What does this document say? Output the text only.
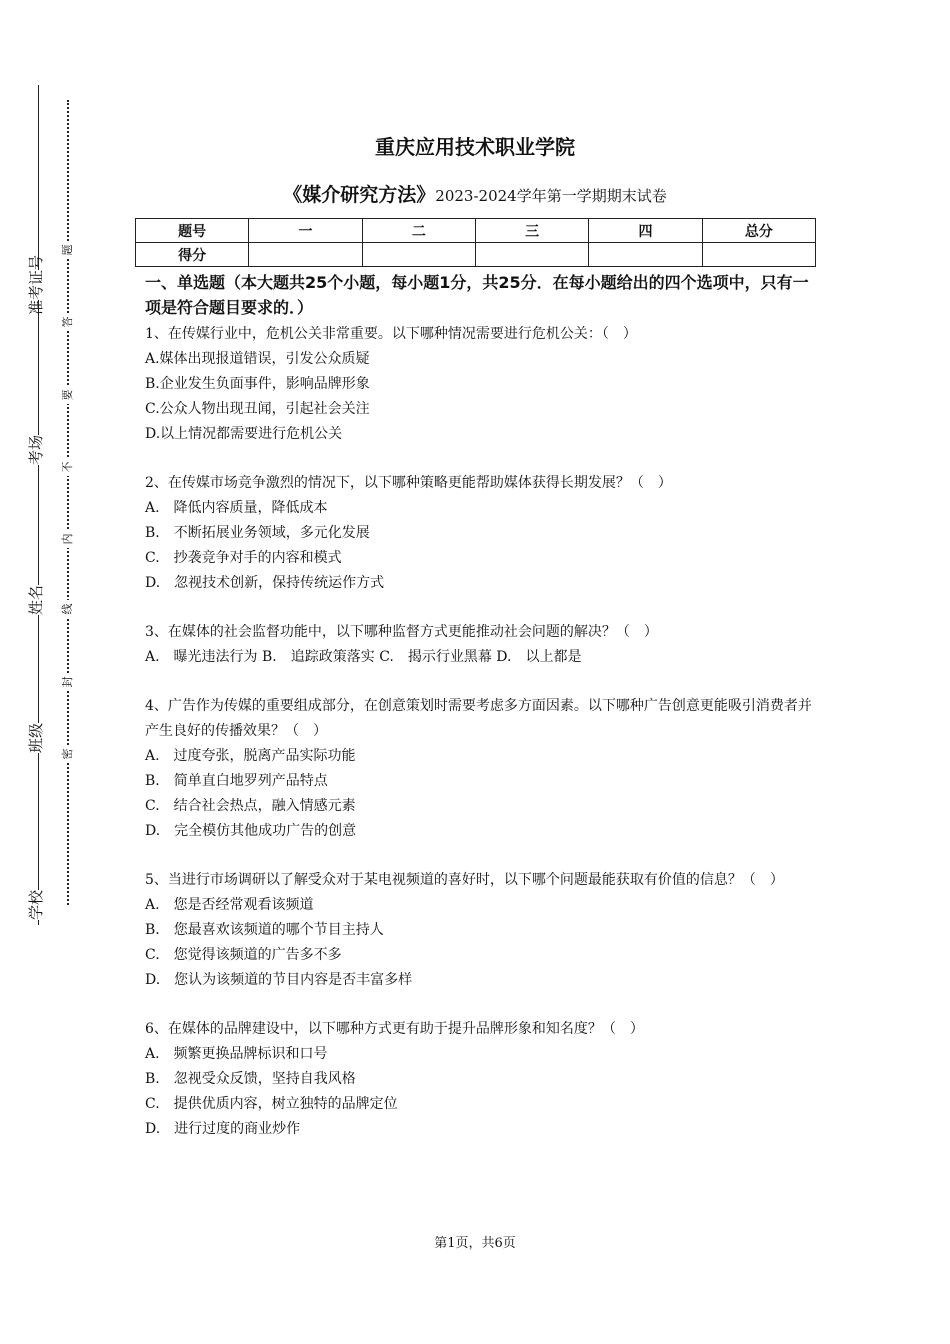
准考证号
考场
姓名
班级
学校
题
答
要
不
内
线
封
密
重庆应用技术职业学院
《媒介研究方法》2023-2024学年第一学期期末试卷
题号	一	二	三	四	总分
得分					

一、单选题（本大题共25个小题，每小题1分，共25分．在每小题给出的四个选项中，只有一项是符合题目要求的．）

1、在传媒行业中，危机公关非常重要。以下哪种情况需要进行危机公关：（　）

A.媒体出现报道错误，引发公众质疑

B.企业发生负面事件，影响品牌形象

C.公众人物出现丑闻，引起社会关注

D.以上情况都需要进行危机公关

2、在传媒市场竞争激烈的情况下，以下哪种策略更能帮助媒体获得长期发展？（　）

A.　降低内容质量，降低成本

B.　不断拓展业务领域，多元化发展

C.　抄袭竞争对手的内容和模式

D.　忽视技术创新，保持传统运作方式

3、在媒体的社会监督功能中，以下哪种监督方式更能推动社会问题的解决？（　）

A.　曝光违法行为 B.　追踪政策落实 C.　揭示行业黑幕 D.　以上都是

4、广告作为传媒的重要组成部分，在创意策划时需要考虑多方面因素。以下哪种广告创意更能吸引消费者并产生良好的传播效果？（　）

A.　过度夸张，脱离产品实际功能

B.　简单直白地罗列产品特点

C.　结合社会热点，融入情感元素

D.　完全模仿其他成功广告的创意

5、当进行市场调研以了解受众对于某电视频道的喜好时，以下哪个问题最能获取有价值的信息？（　）

A.　您是否经常观看该频道

B.　您最喜欢该频道的哪个节目主持人

C.　您觉得该频道的广告多不多

D.　您认为该频道的节目内容是否丰富多样

6、在媒体的品牌建设中，以下哪种方式更有助于提升品牌形象和知名度？（　）

A.　频繁更换品牌标识和口号

B.　忽视受众反馈，坚持自我风格

C.　提供优质内容，树立独特的品牌定位

D.　进行过度的商业炒作

第1页，共6页
